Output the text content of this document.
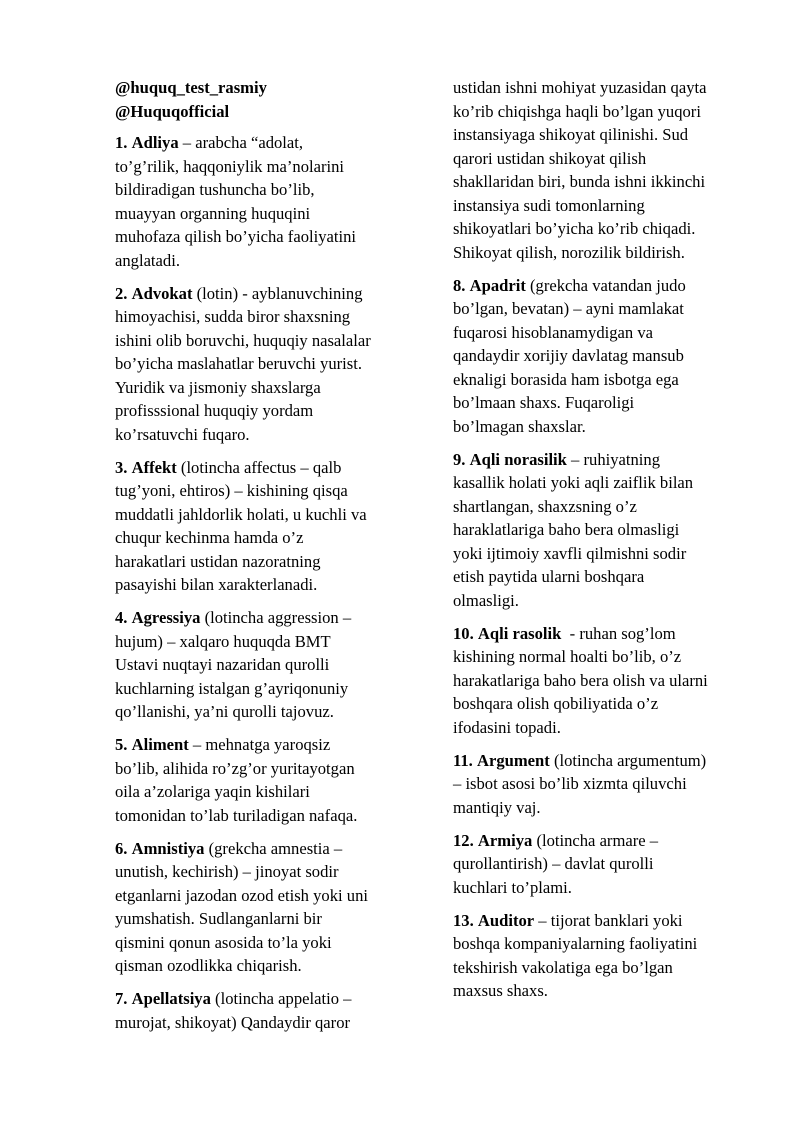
@huquq_test_rasmiy
@Huquqofficial
1. Adliya – arabcha “adolat,
to’g’rilik, haqqoniylik ma’nolarini
bildiradigan tushuncha bo’lib,
muayyan organning huquqini
muhofaza qilish bo’yicha faoliyatini
anglatadi.
2. Advokat (lotin) - ayblanuvchining
himoyachisi, sudda biror shaxsning
ishini olib boruvchi, huquqiy nasalalar
bo’yicha maslahatlar beruvchi yurist.
Yuridik va jismoniy shaxslarga
profisssional huquqiy yordam
ko’rsatuvchi fuqaro.
3. Affekt (lotincha affectus – qalb
tug’yoni, ehtiros) – kishining qisqa
muddatli jahldorlik holati, u kuchli va
chuqur kechinma hamda o’z
harakatlari ustidan nazoratning
pasayishi bilan xarakterlanadi.
4. Agressiya (lotincha aggression –
hujum) – xalqaro huquqda BMT
Ustavi nuqtayi nazaridan qurolli
kuchlarning istalgan g’ayriqonuniy
qo’llanishi, ya’ni qurolli tajovuz.
5. Aliment – mehnatga yaroqsiz
bo’lib, alihida ro’zg’or yuritayotgan
oila a’zolariga yaqin kishilari
tomonidan to’lab turiladigan nafaqa.
6. Amnistiya (grekcha amnestia –
unutish, kechirish) – jinoyat sodir
etganlarni jazodan ozod etish yoki uni
yumshatish. Sudlanganlarni bir
qismini qonun asosida to’la yoki
qisman ozodlikka chiqarish.
7. Apellatsiya (lotincha appelatio –
murojat, shikoyat) Qandaydir qaror
ustidan ishni mohiyat yuzasidan qayta
ko’rib chiqishga haqli bo’lgan yuqori
instansiyaga shikoyat qilinishi. Sud
qarori ustidan shikoyat qilish
shakllaridan biri, bunda ishni ikkinchi
instansiya sudi tomonlarning
shikoyatlari bo’yicha ko’rib chiqadi.
Shikoyat qilish, norozilik bildirish.
8. Apadrit (grekcha vatandan judo
bo’lgan, bevatan) – ayni mamlakat
fuqarosi hisoblanamydigan va
qandaydir xorijiy davlatag mansub
eknaligi borasida ham isbotga ega
bo’lmaan shaxs. Fuqaroligi
bo’lmagan shaxslar.
9. Aqli norasilik – ruhiyatning
kasallik holati yoki aqli zaiflik bilan
shartlangan, shaxzsning o’z
haraklatlariga baho bera olmasligi
yoki ijtimoiy xavfli qilmishni sodir
etish paytida ularni boshqara
olmasligi.
10. Aqli rasolik  - ruhan sog’lom
kishining normal hoalti bo’lib, o’z
harakatlariga baho bera olish va ularni
boshqara olish qobiliyatida o’z
ifodasini topadi.
11. Argument (lotincha argumentum)
– isbot asosi bo’lib xizmta qiluvchi
mantiqiy vaj.
12. Armiya (lotincha armare –
qurollantirish) – davlat qurolli
kuchlari to’plami.
13. Auditor – tijorat banklari yoki
boshqa kompaniyalarning faoliyatini
tekshirish vakolatiga ega bo’lgan
maxsus shaxs.
